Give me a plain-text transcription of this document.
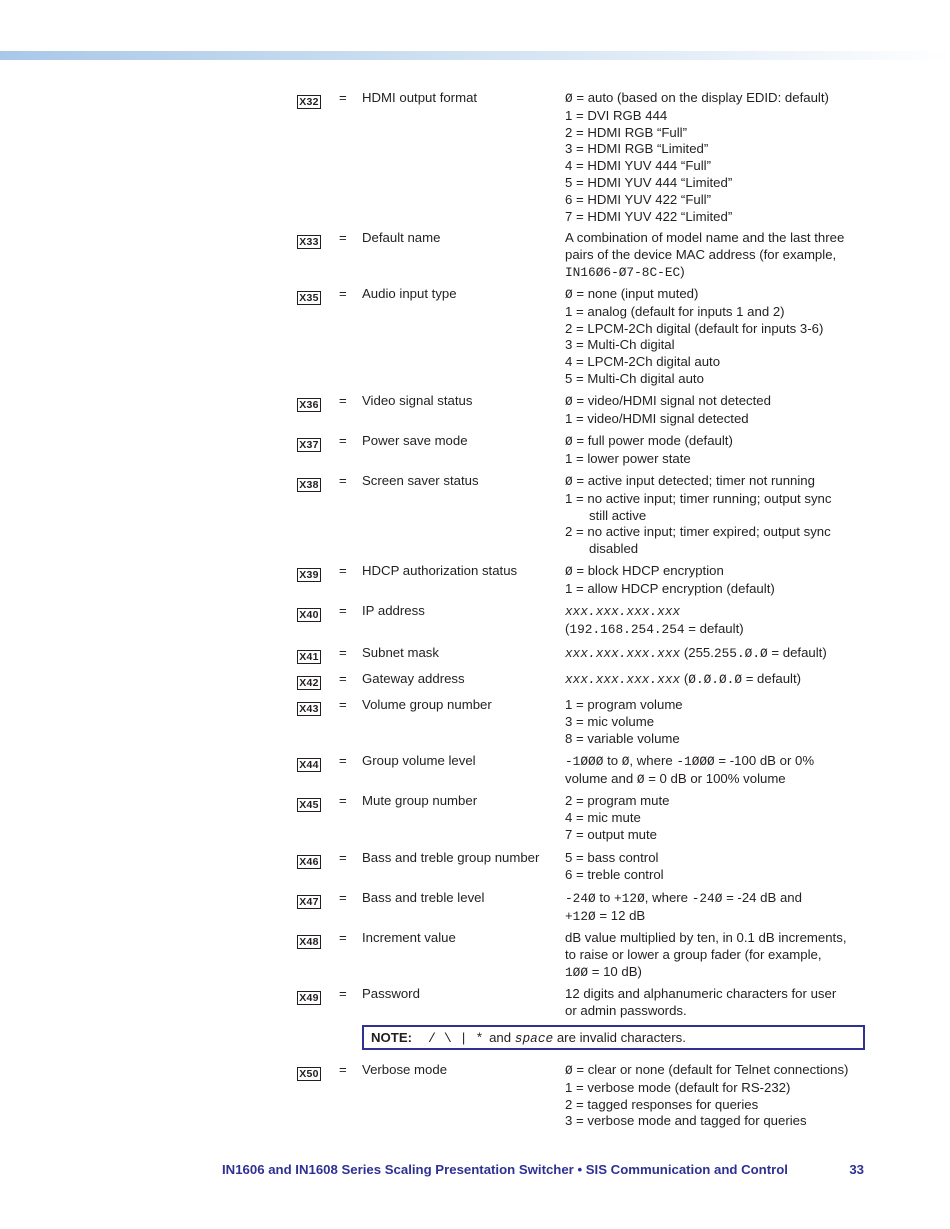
X32 = HDMI output format	Ø = auto (based on the display EDID: default)
1 = DVI RGB 444
2 = HDMI RGB “Full”
3 = HDMI RGB “Limited”
4 = HDMI YUV 444 “Full”
5 = HDMI YUV 444 “Limited”
6 = HDMI YUV 422 “Full”
7 = HDMI YUV 422 “Limited”
X33 = Default name	A combination of model name and the last three pairs of the device MAC address (for example, IN16Ø6-Ø7-8C-EC)
X35 = Audio input type	Ø = none (input muted)
1 = analog (default for inputs 1 and 2)
2 = LPCM-2Ch digital (default for inputs 3-6)
3 = Multi-Ch digital
4 = LPCM-2Ch digital auto
5 = Multi-Ch digital auto
X36 = Video signal status	Ø = video/HDMI signal not detected
1 = video/HDMI signal detected
X37 = Power save mode	Ø = full power mode (default)
1 = lower power state
X38 = Screen saver status	Ø = active input detected; timer not running
1 = no active input; timer running; output sync
still active
2 = no active input; timer expired; output sync
disabled
X39 = HDCP authorization status	Ø = block HDCP encryption
1 = allow HDCP encryption (default)
X40 = IP address	xxx.xxx.xxx.xxx
(192.168.254.254 = default)
X41 = Subnet mask	xxx.xxx.xxx.xxx (255.255.Ø.Ø = default)
X42 = Gateway address	xxx.xxx.xxx.xxx (Ø.Ø.Ø.Ø = default)
X43 = Volume group number	1 = program volume
3 = mic volume
8 = variable volume
X44 = Group volume level	-1ØØØ to Ø, where -1ØØØ = -100 dB or 0%
volume and Ø = 0 dB or 100% volume
X45 = Mute group number	2 = program mute
4 = mic mute
7 = output mute
X46 = Bass and treble group number	5 = bass control
6 = treble control
X47 = Bass and treble level	-24Ø to +12Ø, where -24Ø = -24 dB and
+12Ø = 12 dB
X48 = Increment value	dB value multiplied by ten, in 0.1 dB increments,
to raise or lower a group fader (for example,
1ØØ = 10 dB)
X49 = Password	12 digits and alphanumeric characters for user
or admin passwords.
X50 = Verbose mode	Ø = clear or none (default for Telnet connections)
1 = verbose mode (default for RS-232)
2 = tagged responses for queries
3 = verbose mode and tagged for queries
NOTE: / \ | * and space are invalid characters.
IN1606 and IN1608 Series Scaling Presentation Switcher • SIS Communication and Control	33
